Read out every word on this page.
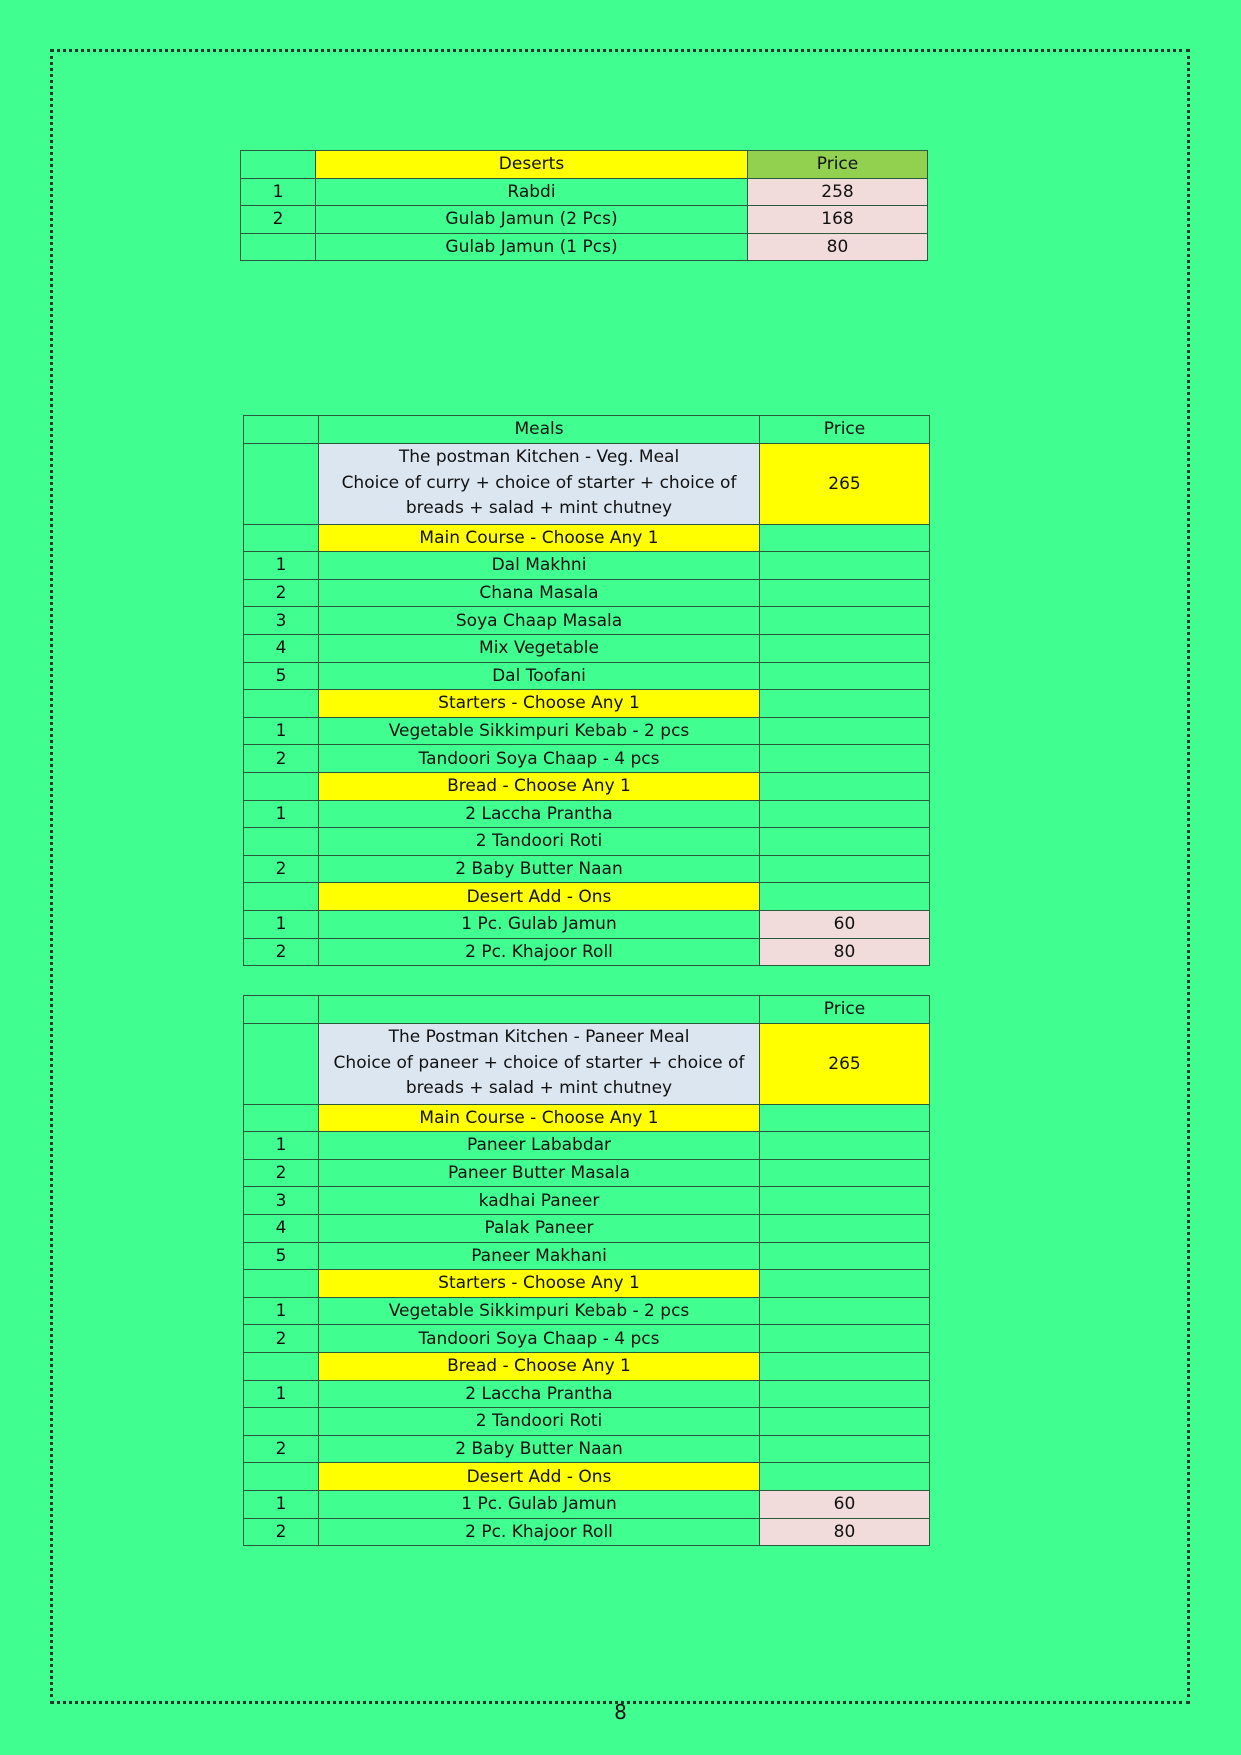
	Deserts	Price
1	Rabdi	258
2	Gulab Jamun (2 Pcs)	168
	Gulab Jamun (1 Pcs)	80
	Meals	Price

	The postman Kitchen - Veg. Meal
Choice of curry + choice of starter + choice of
breads + salad + mint chutney	265
	Main Course - Choose Any 1	
1	Dal Makhni	
2	Chana Masala	
3	Soya Chaap Masala	
4	Mix Vegetable	
5	Dal Toofani	
	Starters - Choose Any 1	
1	Vegetable Sikkimpuri Kebab - 2 pcs	
2	Tandoori Soya Chaap - 4 pcs	
	Bread - Choose Any 1	
1	2 Laccha Prantha	
	2 Tandoori Roti	
2	2 Baby Butter Naan	
	Desert Add - Ons	
1	1 Pc. Gulab Jamun	60
2	2 Pc. Khajoor Roll	80
		Price

	The Postman Kitchen - Paneer Meal
Choice of paneer + choice of starter + choice of
breads + salad + mint chutney	265
	Main Course - Choose Any 1	
1	Paneer Lababdar	
2	Paneer Butter Masala	
3	kadhai Paneer	
4	Palak Paneer	
5	Paneer Makhani	
	Starters - Choose Any 1	
1	Vegetable Sikkimpuri Kebab - 2 pcs	
2	Tandoori Soya Chaap - 4 pcs	
	Bread - Choose Any 1	
1	2 Laccha Prantha	
	2 Tandoori Roti	
2	2 Baby Butter Naan	
	Desert Add - Ons	
1	1 Pc. Gulab Jamun	60
2	2 Pc. Khajoor Roll	80
8
